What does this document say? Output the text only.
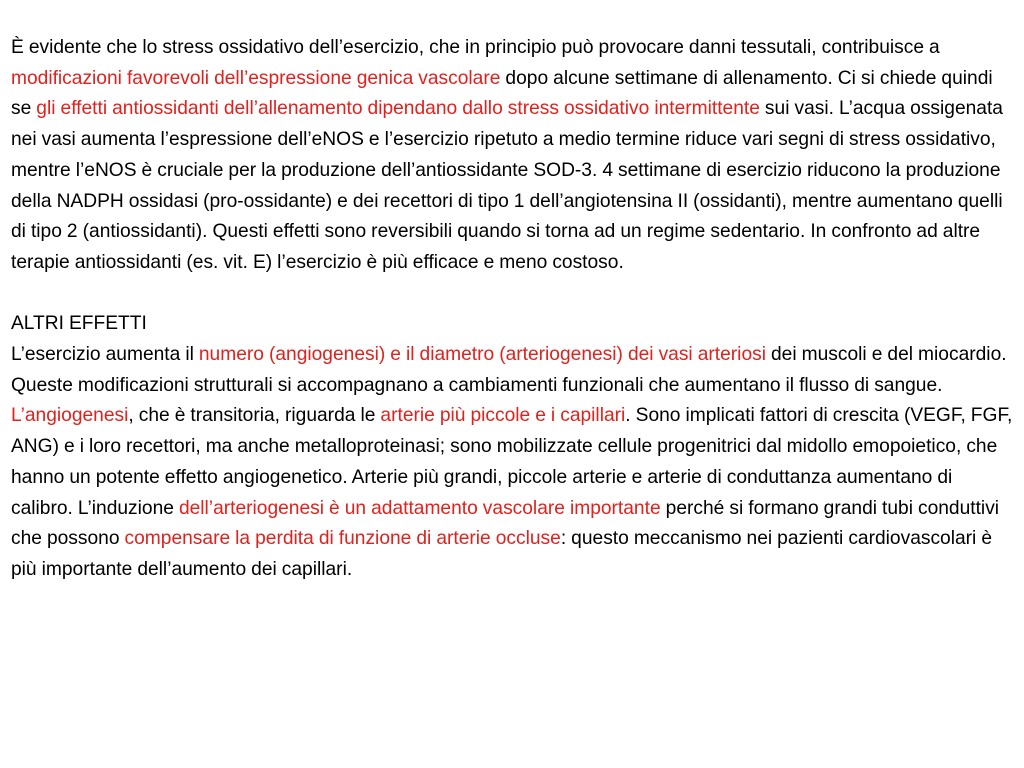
È evidente che lo stress ossidativo dell’esercizio, che in principio può provocare danni tessutali, contribuisce a modificazioni favorevoli dell’espressione genica vascolare dopo alcune settimane di allenamento. Ci si chiede quindi se gli effetti antiossidanti dell’allenamento dipendano dallo stress ossidativo intermittente sui vasi. L’acqua ossigenata nei vasi aumenta l’espressione dell’eNOS e l’esercizio ripetuto a medio termine riduce vari segni di stress ossidativo, mentre l’eNOS è cruciale per la produzione dell’antiossidante SOD-3. 4 settimane di esercizio riducono la produzione della NADPH ossidasi (pro-ossidante) e dei recettori di tipo 1 dell’angiotensina II (ossidanti), mentre aumentano quelli di tipo 2 (antiossidanti). Questi effetti sono reversibili quando si torna ad un regime sedentario. In confronto ad altre terapie antiossidanti (es. vit. E) l’esercizio è più efficace e meno costoso.

ALTRI EFFETTI

L’esercizio aumenta il numero (angiogenesi) e il diametro (arteriogenesi) dei vasi arteriosi dei muscoli e del miocardio. Queste modificazioni strutturali si accompagnano a cambiamenti funzionali che aumentano il flusso di sangue.

L’angiogenesi, che è transitoria, riguarda le arterie più piccole e i capillari. Sono implicati fattori di crescita (VEGF, FGF, ANG) e i loro recettori, ma anche metalloproteinasi; sono mobilizzate cellule progenitrici dal midollo emopoietico, che hanno un potente effetto angiogenetico. Arterie più grandi, piccole arterie e arterie di conduttanza aumentano di calibro. L’induzione dell’arteriogenesi è un adattamento vascolare importante perché si formano grandi tubi conduttivi che possono compensare la perdita di funzione di arterie occluse: questo meccanismo nei pazienti cardiovascolari è più importante dell’aumento dei capillari.
